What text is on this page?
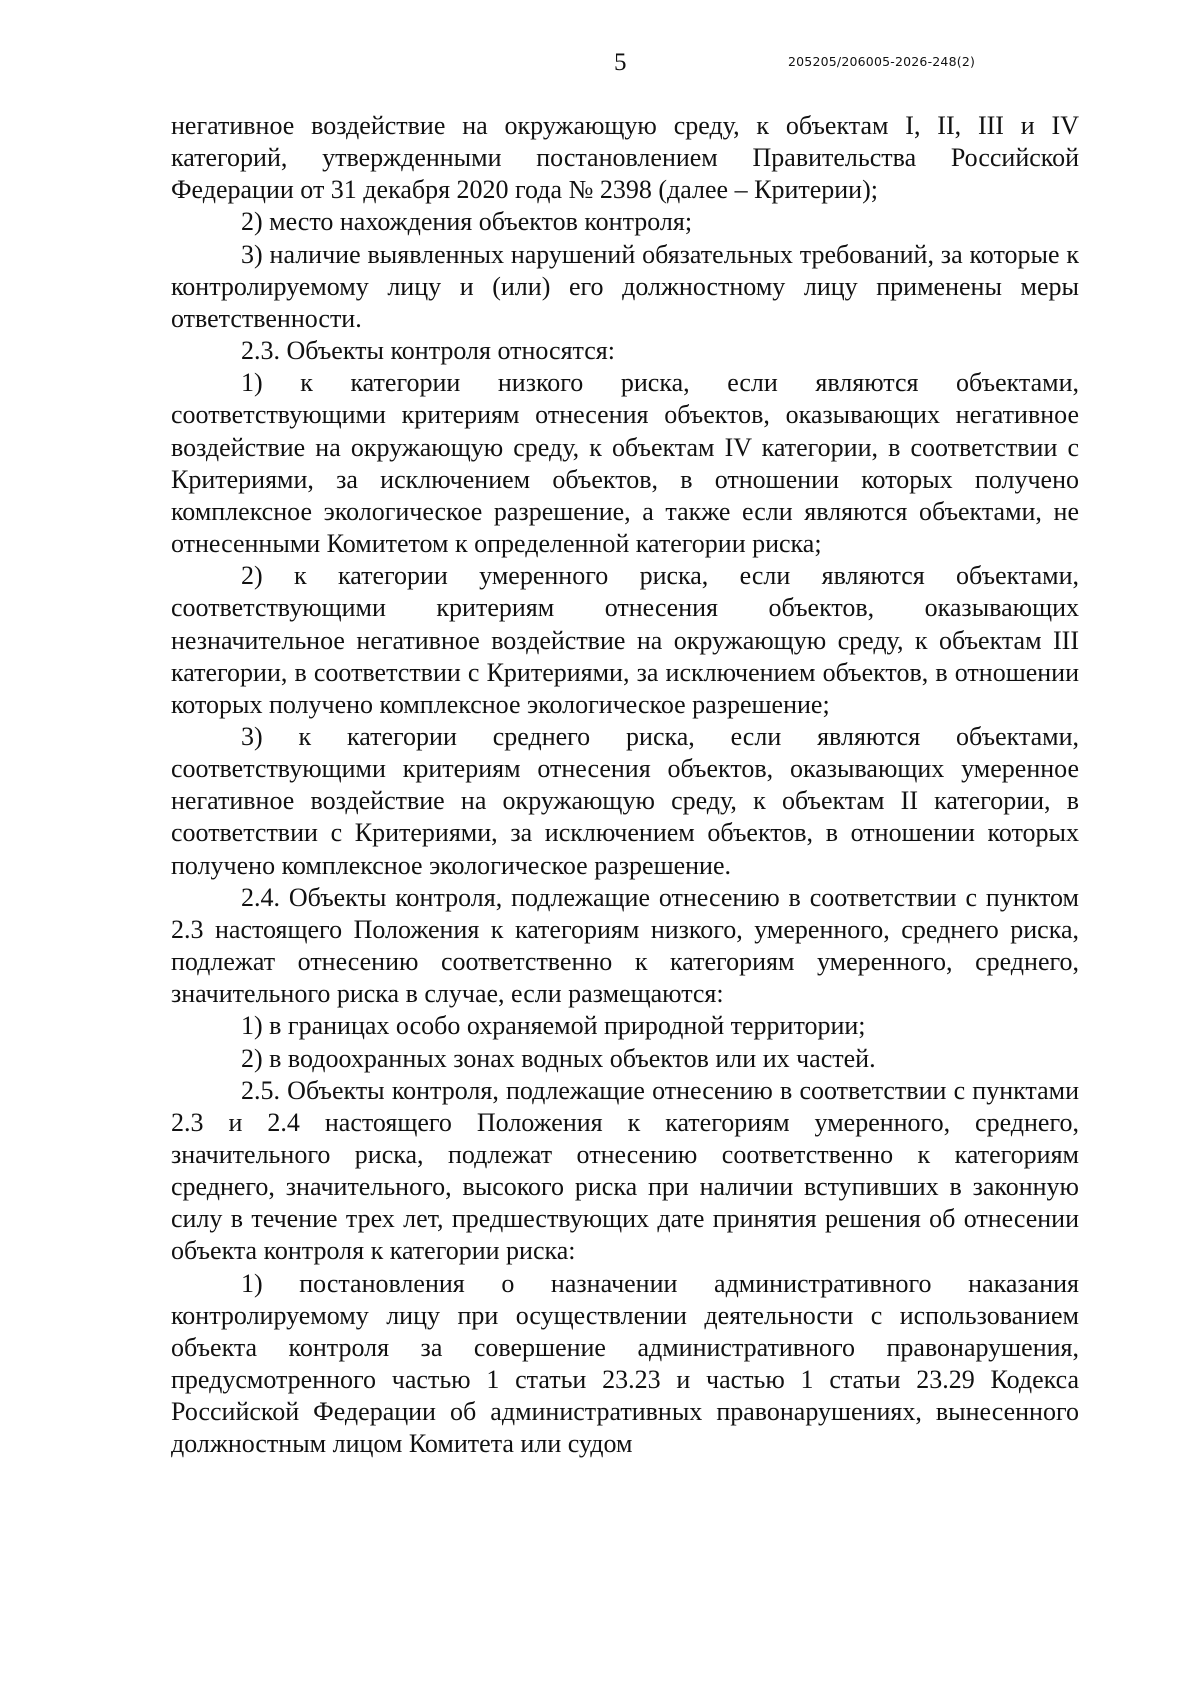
5	205205/206005-2026-248(2)

негативное воздействие на окружающую среду, к объектам I, II, III и IV категорий, утвержденными постановлением Правительства Российской Федерации от 31 декабря 2020 года № 2398 (далее – Критерии);

2) место нахождения объектов контроля;

3) наличие выявленных нарушений обязательных требований, за которые к контролируемому лицу и (или) его должностному лицу применены меры ответственности.

2.3. Объекты контроля относятся:

1) к категории низкого риска, если являются объектами, соответствующими критериям отнесения объектов, оказывающих негативное воздействие на окружающую среду, к объектам IV категории, в соответствии с Критериями, за исключением объектов, в отношении которых получено комплексное экологическое разрешение, а также если являются объектами, не отнесенными Комитетом к определенной категории риска;

2) к категории умеренного риска, если являются объектами, соответствующими критериям отнесения объектов, оказывающих незначительное негативное воздействие на окружающую среду, к объектам III категории, в соответствии с Критериями, за исключением объектов, в отношении которых получено комплексное экологическое разрешение;

3) к категории среднего риска, если являются объектами, соответствующими критериям отнесения объектов, оказывающих умеренное негативное воздействие на окружающую среду, к объектам II категории, в соответствии с Критериями, за исключением объектов, в отношении которых получено комплексное экологическое разрешение.

2.4. Объекты контроля, подлежащие отнесению в соответствии с пунктом 2.3 настоящего Положения к категориям низкого, умеренного, среднего риска, подлежат отнесению соответственно к категориям умеренного, среднего, значительного риска в случае, если размещаются:

1) в границах особо охраняемой природной территории;

2) в водоохранных зонах водных объектов или их частей.

2.5. Объекты контроля, подлежащие отнесению в соответствии с пунктами 2.3 и 2.4 настоящего Положения к категориям умеренного, среднего, значительного риска, подлежат отнесению соответственно к категориям среднего, значительного, высокого риска при наличии вступивших в законную силу в течение трех лет, предшествующих дате принятия решения об отнесении объекта контроля к категории риска:

1) постановления о назначении административного наказания контролируемому лицу при осуществлении деятельности с использованием объекта контроля за совершение административного правонарушения, предусмотренного частью 1 статьи 23.23 и частью 1 статьи 23.29 Кодекса Российской Федерации об административных правонарушениях, вынесенного должностным лицом Комитета или судом
